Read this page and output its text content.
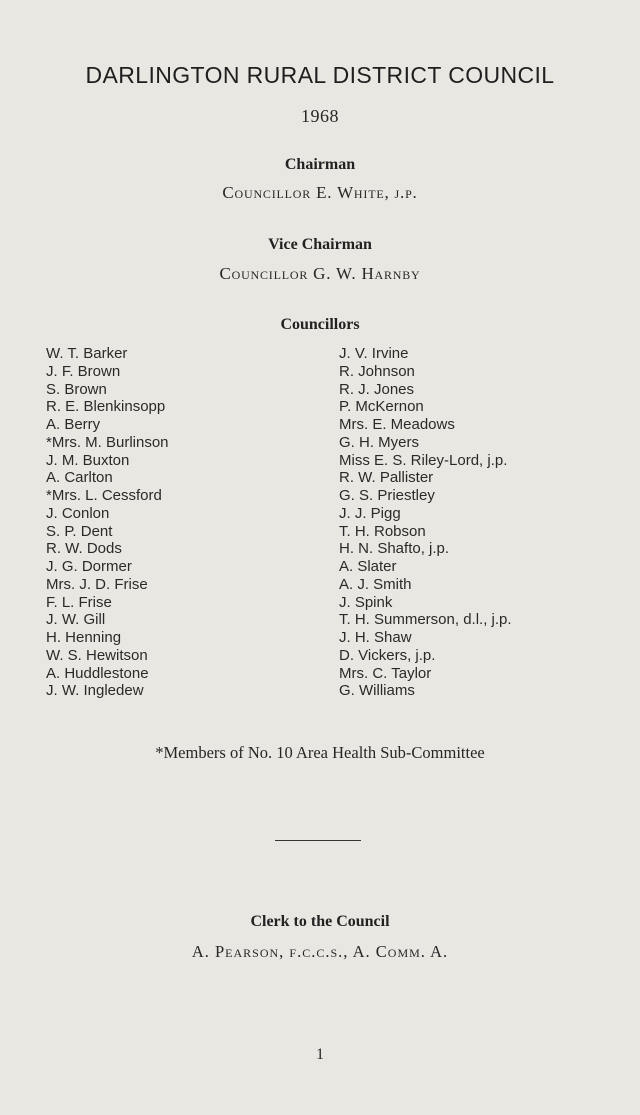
DARLINGTON RURAL DISTRICT COUNCIL
1968
Chairman
Councillor E. White, j.p.
Vice Chairman
Councillor G. W. Harnby
Councillors
W. T. Barker
J. F. Brown
S. Brown
R. E. Blenkinsopp
A. Berry
*Mrs. M. Burlinson
J. M. Buxton
A. Carlton
*Mrs. L. Cessford
J. Conlon
S. P. Dent
R. W. Dods
J. G. Dormer
Mrs. J. D. Frise
F. L. Frise
J. W. Gill
H. Henning
W. S. Hewitson
A. Huddlestone
J. W. Ingledew
J. V. Irvine
R. Johnson
R. J. Jones
P. McKernon
Mrs. E. Meadows
G. H. Myers
Miss E. S. Riley-Lord, j.p.
R. W. Pallister
G. S. Priestley
J. J. Pigg
T. H. Robson
H. N. Shafto, j.p.
A. Slater
A. J. Smith
J. Spink
T. H. Summerson, d.l., j.p.
J. H. Shaw
D. Vickers, j.p.
Mrs. C. Taylor
G. Williams
*Members of No. 10 Area Health Sub-Committee
Clerk to the Council
A. Pearson, f.c.c.s., A. Comm. A.
1
